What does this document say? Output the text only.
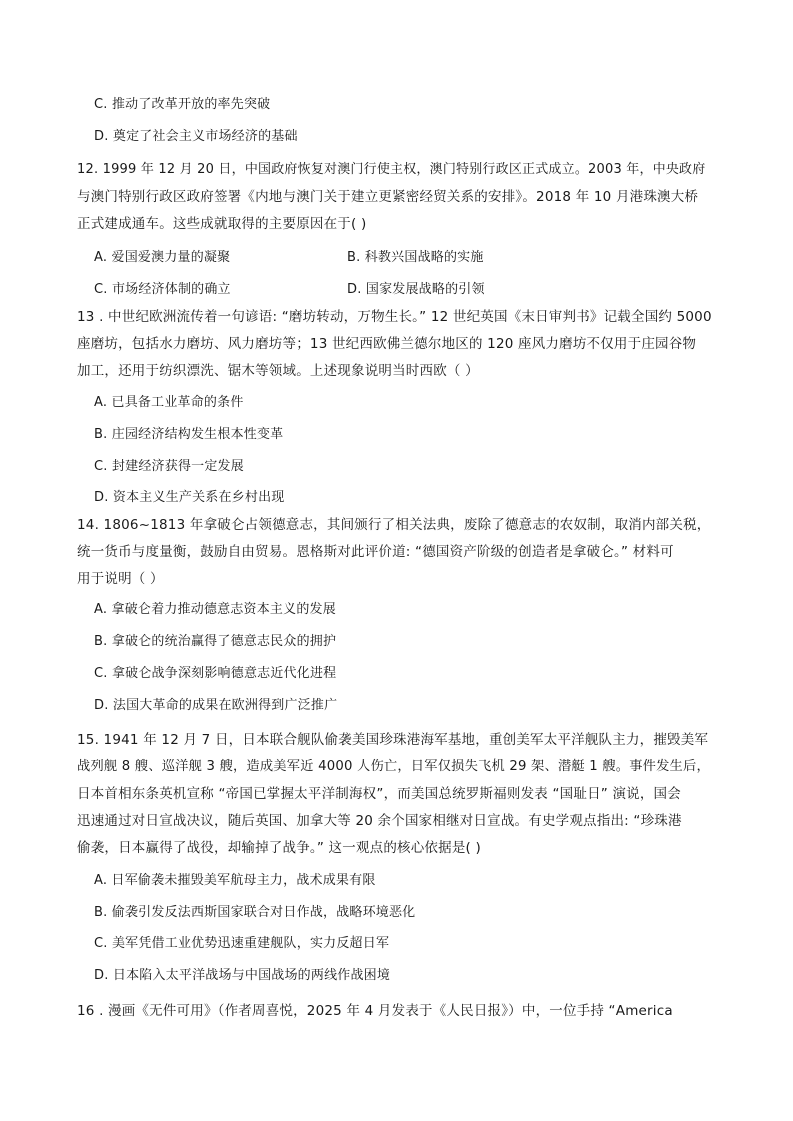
C. 推动了改革开放的率先突破
D. 奠定了社会主义市场经济的基础
12. 1999 年 12 月 20 日，中国政府恢复对澳门行使主权，澳门特别行政区正式成立。2003 年，中央政府
与澳门特别行政区政府签署《内地与澳门关于建立更紧密经贸关系的安排》。2018 年 10 月港珠澳大桥
正式建成通车。这些成就取得的主要原因在于( )
A. 爱国爱澳力量的凝聚	B. 科教兴国战略的实施
C. 市场经济体制的确立	D. 国家发展战略的引领
13 . 中世纪欧洲流传着一句谚语: “磨坊转动，万物生长。” 12 世纪英国《末日审判书》记载全国约 5000
座磨坊，包括水力磨坊、风力磨坊等；13 世纪西欧佛兰德尔地区的 120 座风力磨坊不仅用于庄园谷物
加工，还用于纺织漂洗、锯木等领域。上述现象说明当时西欧（ ）
A. 已具备工业革命的条件
B. 庄园经济结构发生根本性变革
C. 封建经济获得一定发展
D. 资本主义生产关系在乡村出现
14. 1806~1813 年拿破仑占领德意志，其间颁行了相关法典，废除了德意志的农奴制，取消内部关税，
统一货币与度量衡，鼓励自由贸易。恩格斯对此评价道: “德国资产阶级的创造者是拿破仑。” 材料可
用于说明（ ）
A. 拿破仑着力推动德意志资本主义的发展
B. 拿破仑的统治赢得了德意志民众的拥护
C. 拿破仑战争深刻影响德意志近代化进程
D. 法国大革命的成果在欧洲得到广泛推广
15. 1941 年 12 月 7 日，日本联合舰队偷袭美国珍珠港海军基地，重创美军太平洋舰队主力，摧毁美军
战列舰 8 艘、巡洋舰 3 艘，造成美军近 4000 人伤亡，日军仅损失飞机 29 架、潜艇 1 艘。事件发生后，
日本首相东条英机宣称 “帝国已掌握太平洋制海权”，而美国总统罗斯福则发表 “国耻日” 演说，国会
迅速通过对日宣战决议，随后英国、加拿大等 20 余个国家相继对日宣战。有史学观点指出: “珍珠港
偷袭，日本赢得了战役，却输掉了战争。” 这一观点的核心依据是( )
A. 日军偷袭未摧毁美军航母主力，战术成果有限
B. 偷袭引发反法西斯国家联合对日作战，战略环境恶化
C. 美军凭借工业优势迅速重建舰队，实力反超日军
D. 日本陷入太平洋战场与中国战场的两线作战困境
16 . 漫画《无件可用》（作者周喜悦，2025 年 4 月发表于《人民日报》）中，一位手持 “America
